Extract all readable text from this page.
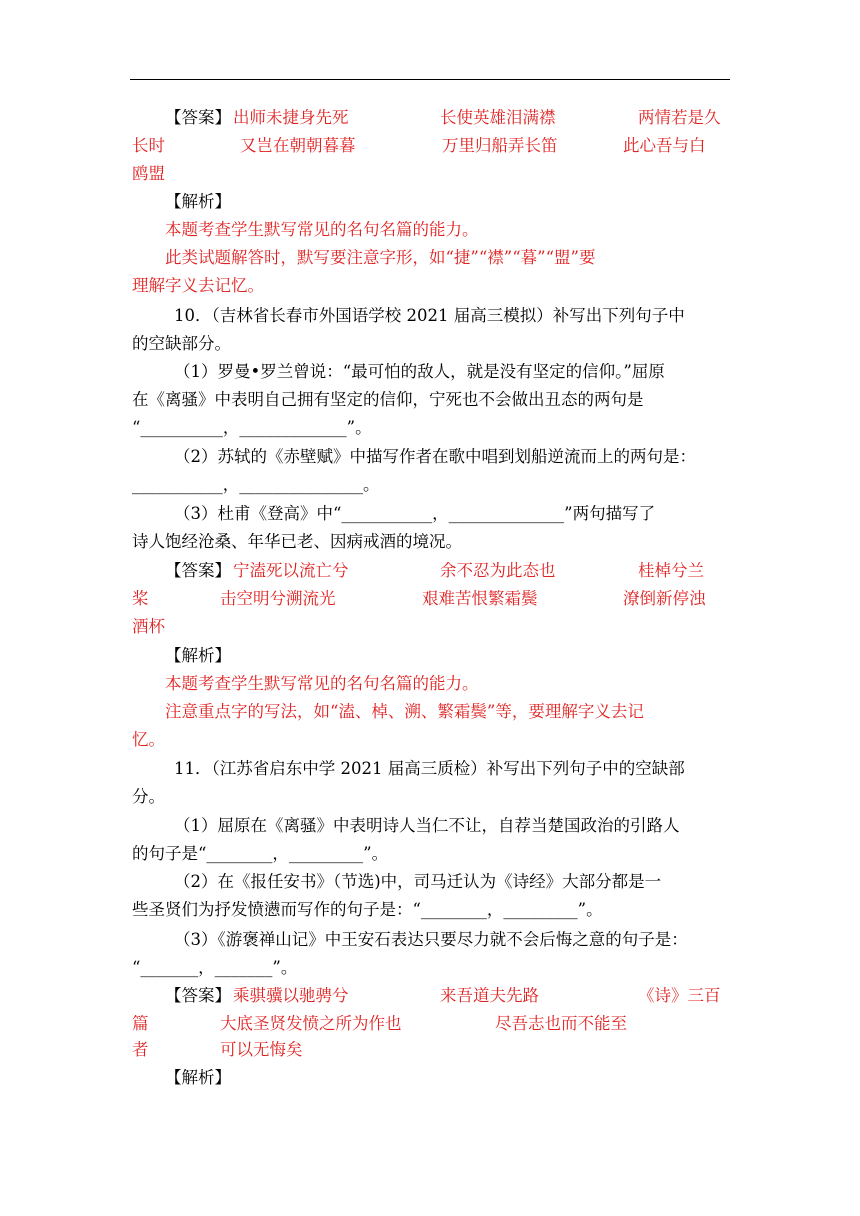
【答案】

出师未捷身先死

	长使英雄泪满襟

	两情若是久

长时

	又岂在朝朝暮暮

	万里归船弄长笛

	此心吾与白

鸥盟
【解析】
本题考查学生默写常见的名句名篇的能力。
此类试题解答时，默写要注意字形，如“捷”“襟”“暮”“盟”要
理解字义去记忆。
10．（吉林省长春市外国语学校 2021 届高三模拟）补写出下列句子中
的空缺部分。
（1）罗曼•罗兰曾说：“最可怕的敌人，就是没有坚定的信仰。”屈原
在《离骚》中表明自己拥有坚定的信仰，宁死也不会做出丑态的两句是
“__________，_____________”。
（2）苏轼的《赤壁赋》中描写作者在歌中唱到划船逆流而上的两句是：
___________，_______________。
（3）杜甫《登高》中“___________，______________”两句描写了
诗人饱经沧桑、年华已老、因病戒酒的境况。

【答案】

宁溘死以流亡兮

	余不忍为此态也

	桂棹兮兰

桨

	击空明兮溯流光

	艰难苦恨繁霜鬓

	潦倒新停浊

酒杯
【解析】
本题考查学生默写常见的名句名篇的能力。
注意重点字的写法，如“溘、棹、溯、繁霜鬓”等，要理解字义去记
忆。
11．（江苏省启东中学 2021 届高三质检）补写出下列句子中的空缺部
分。
（1）屈原在《离骚》中表明诗人当仁不让，自荐当楚国政治的引路人
的句子是“________，_________”。
（2）在《报任安书》（节选)中，司马迁认为《诗经》大部分都是一
些圣贤们为抒发愤懑而写作的句子是：“________，_________”。
（3）《游褒禅山记》中王安石表达只要尽力就不会后悔之意的句子是：
“_______，_______”。

【答案】

乘骐骥以驰骋兮

	来吾道夫先路

	《诗》三百

篇

	大底圣贤发愤之所为作也

	尽吾志也而不能至

者

	可以无悔矣

【解析】
